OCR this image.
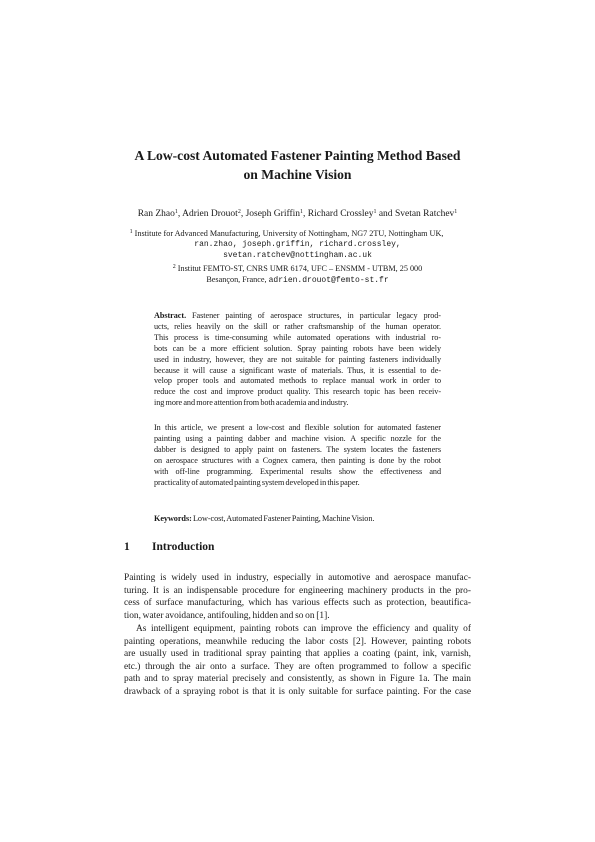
A Low-cost Automated Fastener Painting Method Based
on Machine Vision
Ran Zhao$^1$, Adrien Drouot$^2$, Joseph Griffin$^1$, Richard Crossley$^1$ and Svetan Ratchev$^1$
$^1$ Institute for Advanced Manufacturing, University of Nottingham, NG7 2TU, Nottingham UK,
ran.zhao, joseph.griffin, richard.crossley,
svetan.ratchev@nottingham.ac.uk
$^2$ Institut FEMTO-ST, CNRS UMR 6174, UFC – ENSMM - UTBM, 25 000
Besançon, France, adrien.drouot@femto-st.fr
Abstract. Fastener painting of aerospace structures, in particular legacy prod-
ucts, relies heavily on the skill or rather craftsmanship of the human operator.
This process is time-consuming while automated operations with industrial ro-
bots can be a more efficient solution. Spray painting robots have been widely
used in industry, however, they are not suitable for painting fasteners individually
because it will cause a significant waste of materials. Thus, it is essential to de-
velop proper tools and automated methods to replace manual work in order to
reduce the cost and improve product quality. This research topic has been receiv-
ing more and more attention from both academia and industry.
In this article, we present a low-cost and flexible solution for automated fastener
painting using a painting dabber and machine vision. A specific nozzle for the
dabber is designed to apply paint on fasteners. The system locates the fasteners
on aerospace structures with a Cognex camera, then painting is done by the robot
with off-line programming. Experimental results show the effectiveness and
practicality of automated painting system developed in this paper.
Keywords: Low-cost, Automated Fastener Painting, Machine Vision.
1 Introduction
Painting is widely used in industry, especially in automotive and aerospace manufac-
turing. It is an indispensable procedure for engineering machinery products in the pro-
cess of surface manufacturing, which has various effects such as protection, beautifica-
tion, water avoidance, antifouling, hidden and so on [1].
As intelligent equipment, painting robots can improve the efficiency and quality of
painting operations, meanwhile reducing the labor costs [2]. However, painting robots
are usually used in traditional spray painting that applies a coating (paint, ink, varnish,
etc.) through the air onto a surface. They are often programmed to follow a specific
path and to spray material precisely and consistently, as shown in Figure 1a. The main
drawback of a spraying robot is that it is only suitable for surface painting. For the case
